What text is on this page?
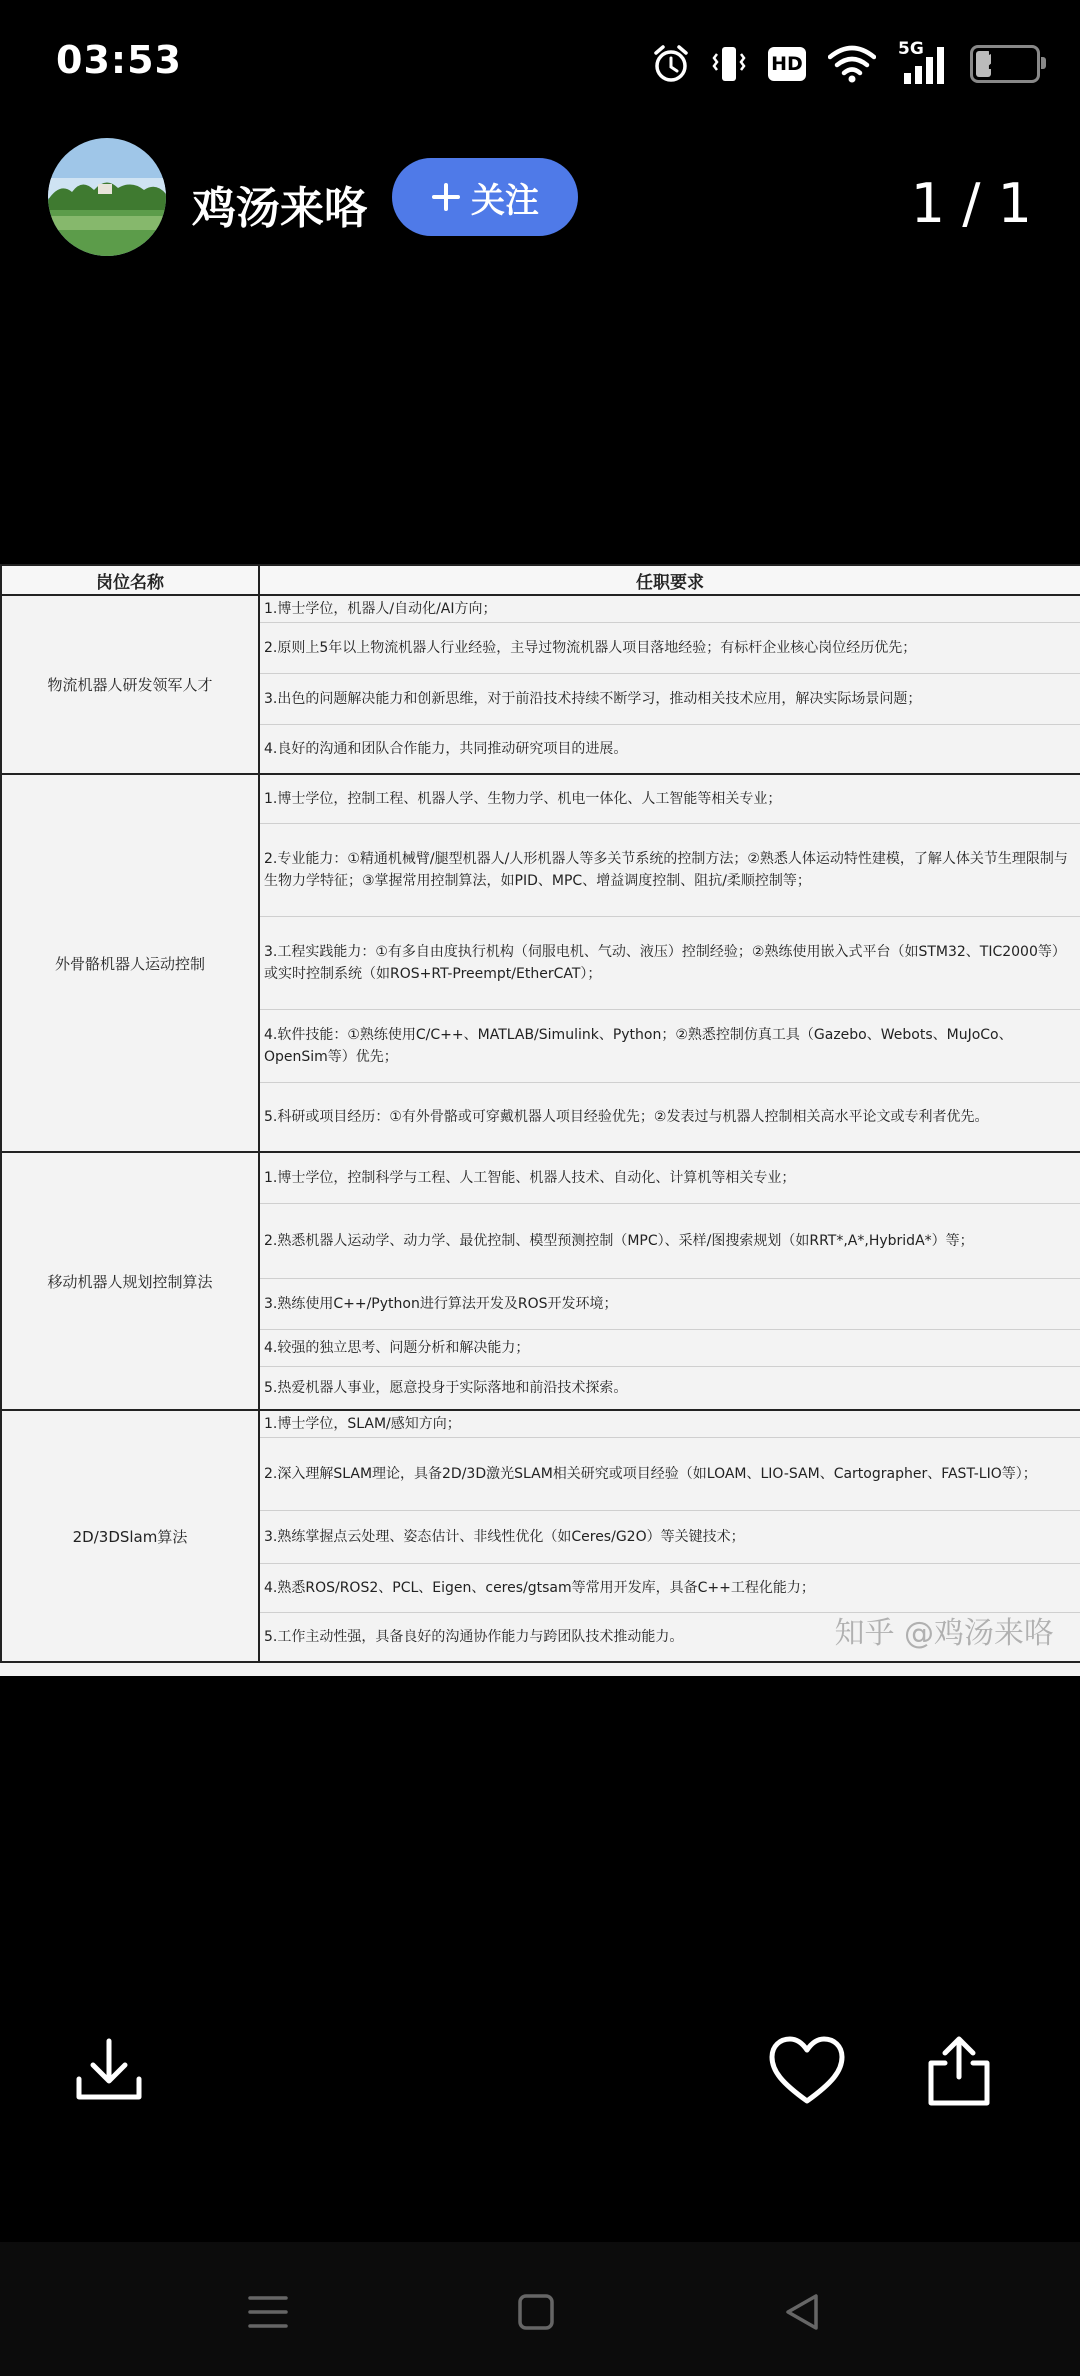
03:53	HD
5G	24
鸡汤来咯	关注	1 / 1
岗位名称	任职要求
物流机器人研发领军人才	1.博士学位，机器人/自动化/AI方向；
2.原则上5年以上物流机器人行业经验，主导过物流机器人项目落地经验；有标杆企业核心岗位经历优先；
3.出色的问题解决能力和创新思维，对于前沿技术持续不断学习，推动相关技术应用，解决实际场景问题；
4.良好的沟通和团队合作能力，共同推动研究项目的进展。

外骨骼机器人运动控制	1.博士学位，控制工程、机器人学、生物力学、机电一体化、人工智能等相关专业；
2.专业能力：①精通机械臂/腿型机器人/人形机器人等多关节系统的控制方法；②熟悉人体运动特性建模，了解人体关节生理限制与生物力学特征；③掌握常用控制算法，如PID、MPC、增益调度控制、阻抗/柔顺控制等；
3.工程实践能力：①有多自由度执行机构（伺服电机、气动、液压）控制经验；②熟练使用嵌入式平台（如STM32、TIC2000等）或实时控制系统（如ROS+RT-Preempt/EtherCAT）；
4.软件技能：①熟练使用C/C++、MATLAB/Simulink、Python；②熟悉控制仿真工具（Gazebo、Webots、MuJoCo、OpenSim等）优先；
5.科研或项目经历：①有外骨骼或可穿戴机器人项目经验优先；②发表过与机器人控制相关高水平论文或专利者优先。

移动机器人规划控制算法	1.博士学位，控制科学与工程、人工智能、机器人技术、自动化、计算机等相关专业；
2.熟悉机器人运动学、动力学、最优控制、模型预测控制（MPC）、采样/图搜索规划（如RRT*,A*,HybridA*）等；
3.熟练使用C++/Python进行算法开发及ROS开发环境；
4.较强的独立思考、问题分析和解决能力；
5.热爱机器人事业，愿意投身于实际落地和前沿技术探索。

2D/3DSlam算法	1.博士学位，SLAM/感知方向；
2.深入理解SLAM理论，具备2D/3D激光SLAM相关研究或项目经验（如LOAM、LIO-SAM、Cartographer、FAST-LIO等）；
3.熟练掌握点云处理、姿态估计、非线性优化（如Ceres/G2O）等关键技术；
4.熟悉ROS/ROS2、PCL、Eigen、ceres/gtsam等常用开发库，具备C++工程化能力；
5.工作主动性强，具备良好的沟通协作能力与跨团队技术推动能力。	知乎 @鸡汤来咯
